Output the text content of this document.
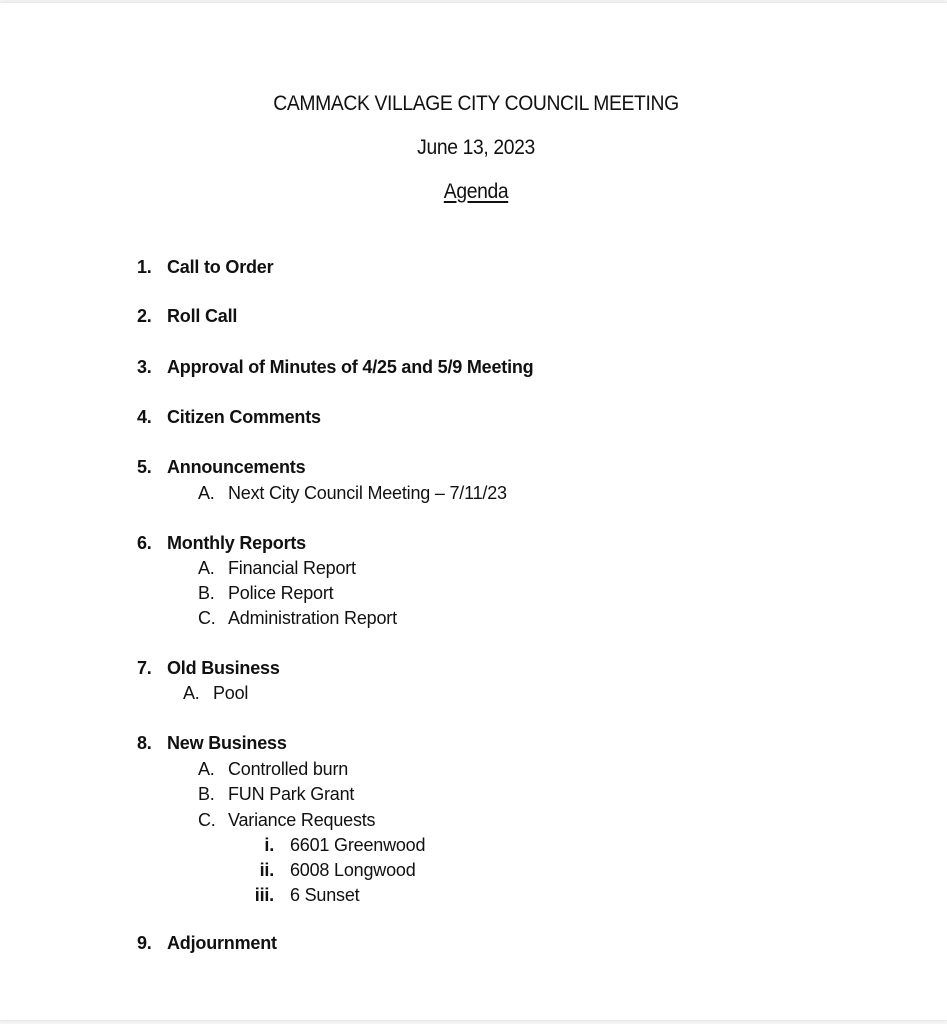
CAMMACK VILLAGE CITY COUNCIL MEETING
June 13, 2023
Agenda
1. Call to Order
2. Roll Call
3. Approval of Minutes of 4/25 and 5/9 Meeting
4. Citizen Comments
5. Announcements
A. Next City Council Meeting – 7/11/23
6. Monthly Reports
A. Financial Report
B. Police Report
C. Administration Report
7. Old Business
A. Pool
8. New Business
A. Controlled burn
B. FUN Park Grant
C. Variance Requests
i. 6601 Greenwood
ii. 6008 Longwood
iii. 6 Sunset
9. Adjournment
